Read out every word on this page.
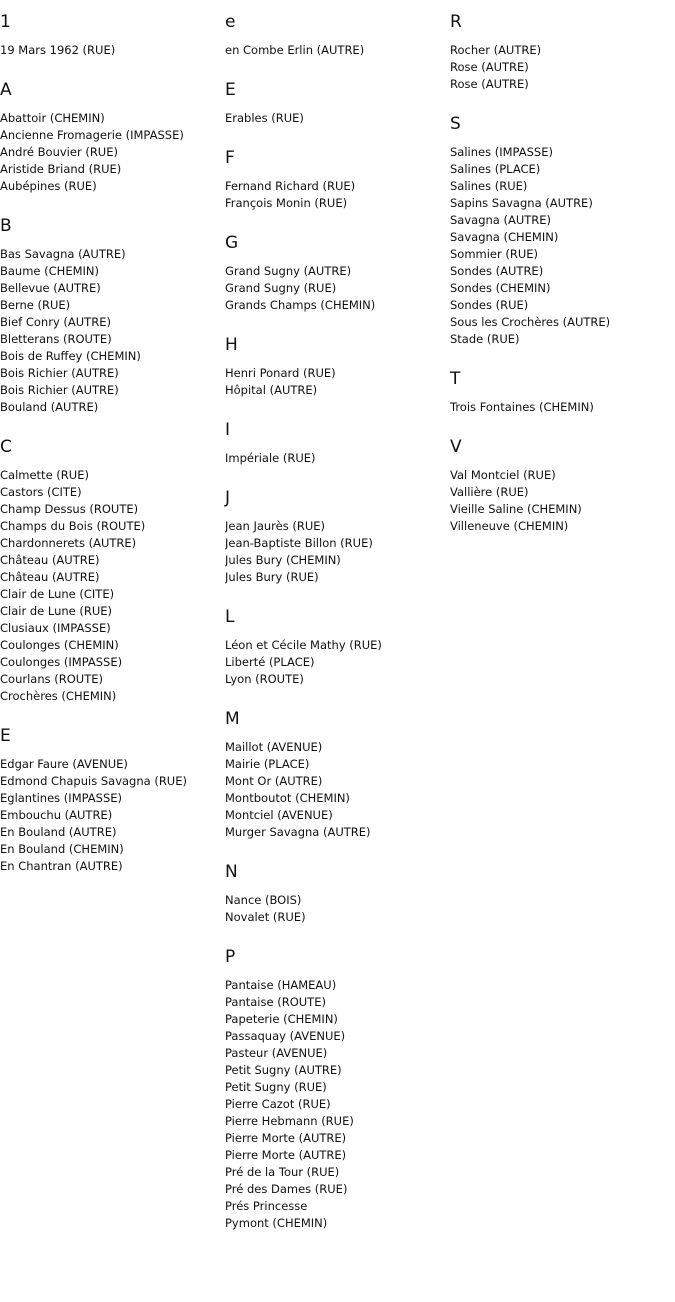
1
19 Mars 1962 (RUE)
A
Abattoir (CHEMIN)
Ancienne Fromagerie (IMPASSE)
André Bouvier (RUE)
Aristide Briand (RUE)
Aubépines (RUE)
B
Bas Savagna (AUTRE)
Baume (CHEMIN)
Bellevue (AUTRE)
Berne (RUE)
Bief Conry (AUTRE)
Bletterans (ROUTE)
Bois de Ruffey (CHEMIN)
Bois Richier (AUTRE)
Bois Richier (AUTRE)
Bouland (AUTRE)
C
Calmette (RUE)
Castors (CITE)
Champ Dessus (ROUTE)
Champs du Bois (ROUTE)
Chardonnerets (AUTRE)
Château (AUTRE)
Château (AUTRE)
Clair de Lune (CITE)
Clair de Lune (RUE)
Clusiaux (IMPASSE)
Coulonges (CHEMIN)
Coulonges (IMPASSE)
Courlans (ROUTE)
Crochères (CHEMIN)
E
Edgar Faure (AVENUE)
Edmond Chapuis Savagna (RUE)
Eglantines (IMPASSE)
Embouchu (AUTRE)
En Bouland (AUTRE)
En Bouland (CHEMIN)
En Chantran (AUTRE)
e
en Combe Erlin (AUTRE)
E
Erables (RUE)
F
Fernand Richard (RUE)
François Monin (RUE)
G
Grand Sugny (AUTRE)
Grand Sugny (RUE)
Grands Champs (CHEMIN)
H
Henri Ponard (RUE)
Hôpital (AUTRE)
I
Impériale (RUE)
J
Jean Jaurès (RUE)
Jean-Baptiste Billon (RUE)
Jules Bury (CHEMIN)
Jules Bury (RUE)
L
Léon et Cécile Mathy (RUE)
Liberté (PLACE)
Lyon (ROUTE)
M
Maillot (AVENUE)
Mairie (PLACE)
Mont Or (AUTRE)
Montboutot (CHEMIN)
Montciel (AVENUE)
Murger Savagna (AUTRE)
N
Nance (BOIS)
Novalet (RUE)
P
Pantaise (HAMEAU)
Pantaise (ROUTE)
Papeterie (CHEMIN)
Passaquay (AVENUE)
Pasteur (AVENUE)
Petit Sugny (AUTRE)
Petit Sugny (RUE)
Pierre Cazot (RUE)
Pierre Hebmann (RUE)
Pierre Morte (AUTRE)
Pierre Morte (AUTRE)
Pré de la Tour (RUE)
Pré des Dames (RUE)
Prés Princesse
Pymont (CHEMIN)
R
Rocher (AUTRE)
Rose (AUTRE)
Rose (AUTRE)
S
Salines (IMPASSE)
Salines (PLACE)
Salines (RUE)
Sapins Savagna (AUTRE)
Savagna (AUTRE)
Savagna (CHEMIN)
Sommier (RUE)
Sondes (AUTRE)
Sondes (CHEMIN)
Sondes (RUE)
Sous les Crochères (AUTRE)
Stade (RUE)
T
Trois Fontaines (CHEMIN)
V
Val Montciel (RUE)
Vallière (RUE)
Vieille Saline (CHEMIN)
Villeneuve (CHEMIN)
